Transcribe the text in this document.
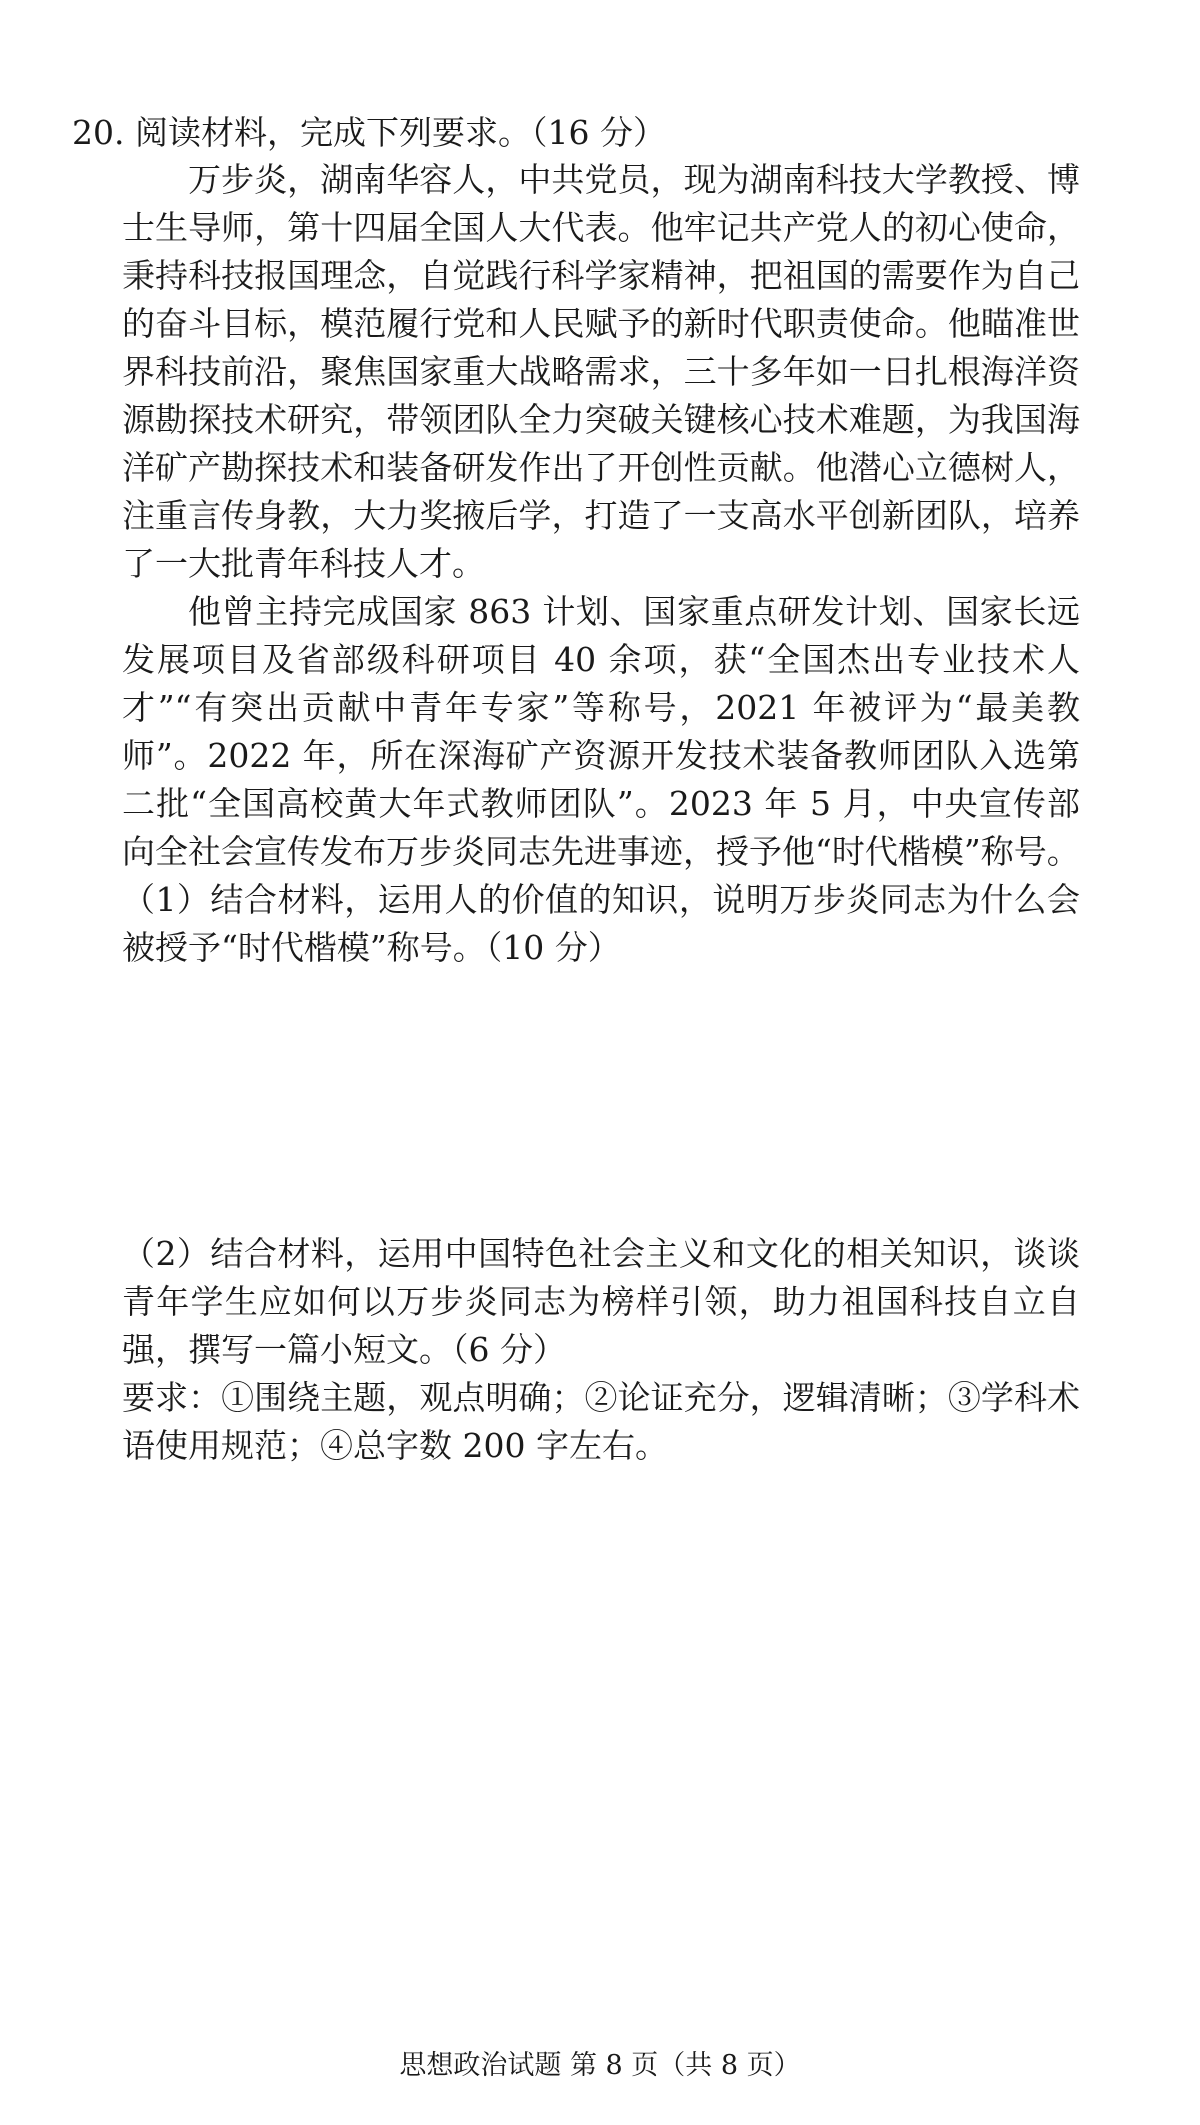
20. 阅读材料，完成下列要求。（16 分）

万步炎，湖南华容人，中共党员，现为湖南科技大学教授、博士生导师，第十四届全国人大代表。他牢记共产党人的初心使命，秉持科技报国理念，自觉践行科学家精神，把祖国的需要作为自己的奋斗目标，模范履行党和人民赋予的新时代职责使命。他瞄准世界科技前沿，聚焦国家重大战略需求，三十多年如一日扎根海洋资源勘探技术研究，带领团队全力突破关键核心技术难题，为我国海洋矿产勘探技术和装备研发作出了开创性贡献。他潜心立德树人，注重言传身教，大力奖掖后学，打造了一支高水平创新团队，培养了一大批青年科技人才。

他曾主持完成国家 863 计划、国家重点研发计划、国家长远发展项目及省部级科研项目 40 余项，获“全国杰出专业技术人才”“有突出贡献中青年专家”等称号，2021 年被评为“最美教师”。2022 年，所在深海矿产资源开发技术装备教师团队入选第二批“全国高校黄大年式教师团队”。2023 年 5 月，中央宣传部向全社会宣传发布万步炎同志先进事迹，授予他“时代楷模”称号。

（1）结合材料，运用人的价值的知识，说明万步炎同志为什么会被授予“时代楷模”称号。（10 分）

（2）结合材料，运用中国特色社会主义和文化的相关知识，谈谈青年学生应如何以万步炎同志为榜样引领，助力祖国科技自立自强，撰写一篇小短文。（6 分）

要求：①围绕主题，观点明确；②论证充分，逻辑清晰；③学科术语使用规范；④总字数 200 字左右。

思想政治试题 第 8 页（共 8 页）
